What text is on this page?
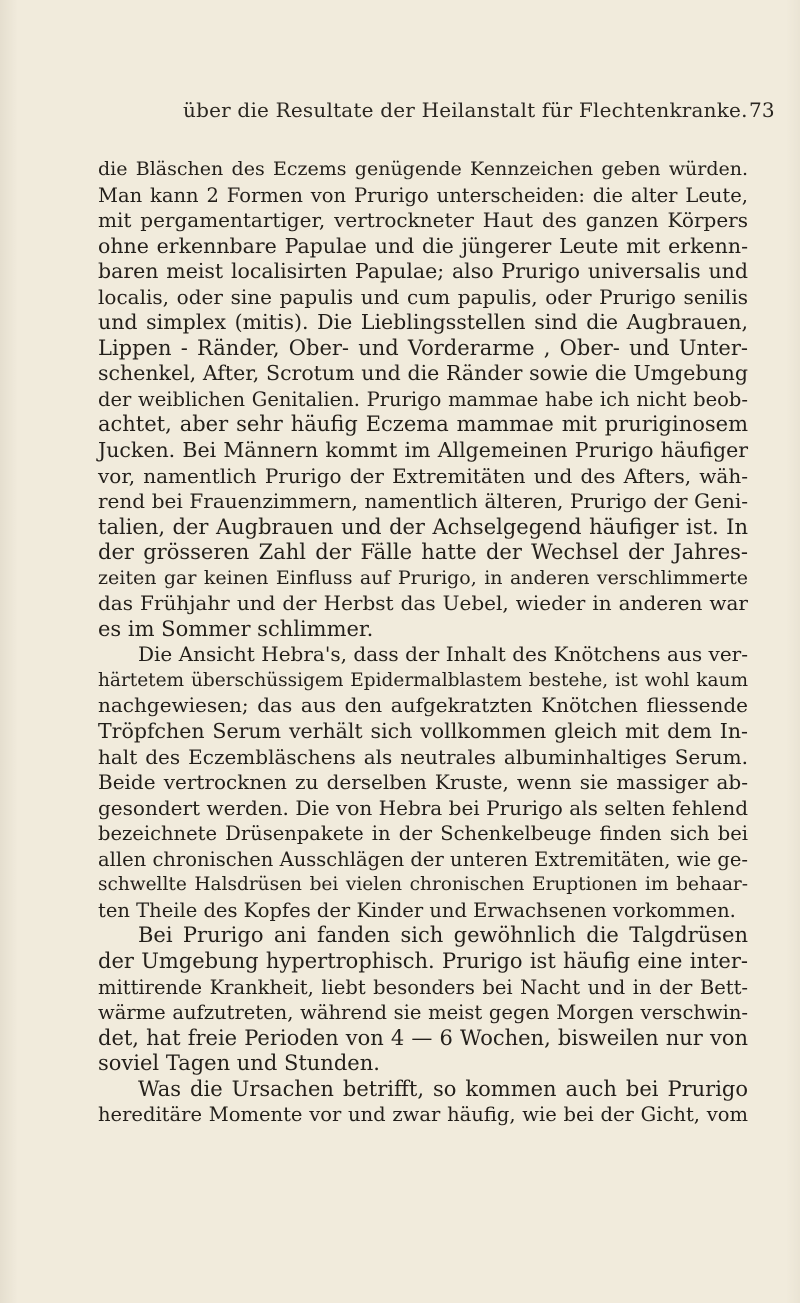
über die Resultate der Heilanstalt für Flechtenkranke. 73
die Bläschen des Eczems genügende Kennzeichen geben würden.
Man kann 2 Formen von Prurigo unterscheiden: die alter Leute,
mit pergamentartiger, vertrockneter Haut des ganzen Körpers
ohne erkennbare Papulae und die jüngerer Leute mit erkenn-
baren meist localisirten Papulae; also Prurigo universalis und
localis, oder sine papulis und cum papulis, oder Prurigo senilis
und simplex (mitis). Die Lieblingsstellen sind die Augbrauen,
Lippen - Ränder, Ober- und Vorderarme , Ober- und Unter-
schenkel, After, Scrotum und die Ränder sowie die Umgebung
der weiblichen Genitalien. Prurigo mammae habe ich nicht beob-
achtet, aber sehr häufig Eczema mammae mit pruriginosem
Jucken. Bei Männern kommt im Allgemeinen Prurigo häufiger
vor, namentlich Prurigo der Extremitäten und des Afters, wäh-
rend bei Frauenzimmern, namentlich älteren, Prurigo der Geni-
talien, der Augbrauen und der Achselgegend häufiger ist. In
der grösseren Zahl der Fälle hatte der Wechsel der Jahres-
zeiten gar keinen Einfluss auf Prurigo, in anderen verschlimmerte
das Frühjahr und der Herbst das Uebel, wieder in anderen war
es im Sommer schlimmer.
Die Ansicht Hebra's, dass der Inhalt des Knötchens aus ver-
härtetem überschüssigem Epidermalblastem bestehe, ist wohl kaum
nachgewiesen; das aus den aufgekratzten Knötchen fliessende
Tröpfchen Serum verhält sich vollkommen gleich mit dem In-
halt des Eczembläschens als neutrales albuminhaltiges Serum.
Beide vertrocknen zu derselben Kruste, wenn sie massiger ab-
gesondert werden. Die von Hebra bei Prurigo als selten fehlend
bezeichnete Drüsenpakete in der Schenkelbeuge finden sich bei
allen chronischen Ausschlägen der unteren Extremitäten, wie ge-
schwellte Halsdrüsen bei vielen chronischen Eruptionen im behaar-
ten Theile des Kopfes der Kinder und Erwachsenen vorkommen.
Bei Prurigo ani fanden sich gewöhnlich die Talgdrüsen
der Umgebung hypertrophisch. Prurigo ist häufig eine inter-
mittirende Krankheit, liebt besonders bei Nacht und in der Bett-
wärme aufzutreten, während sie meist gegen Morgen verschwin-
det, hat freie Perioden von 4 — 6 Wochen, bisweilen nur von
soviel Tagen und Stunden.
Was die Ursachen betrifft, so kommen auch bei Prurigo
hereditäre Momente vor und zwar häufig, wie bei der Gicht, vom
